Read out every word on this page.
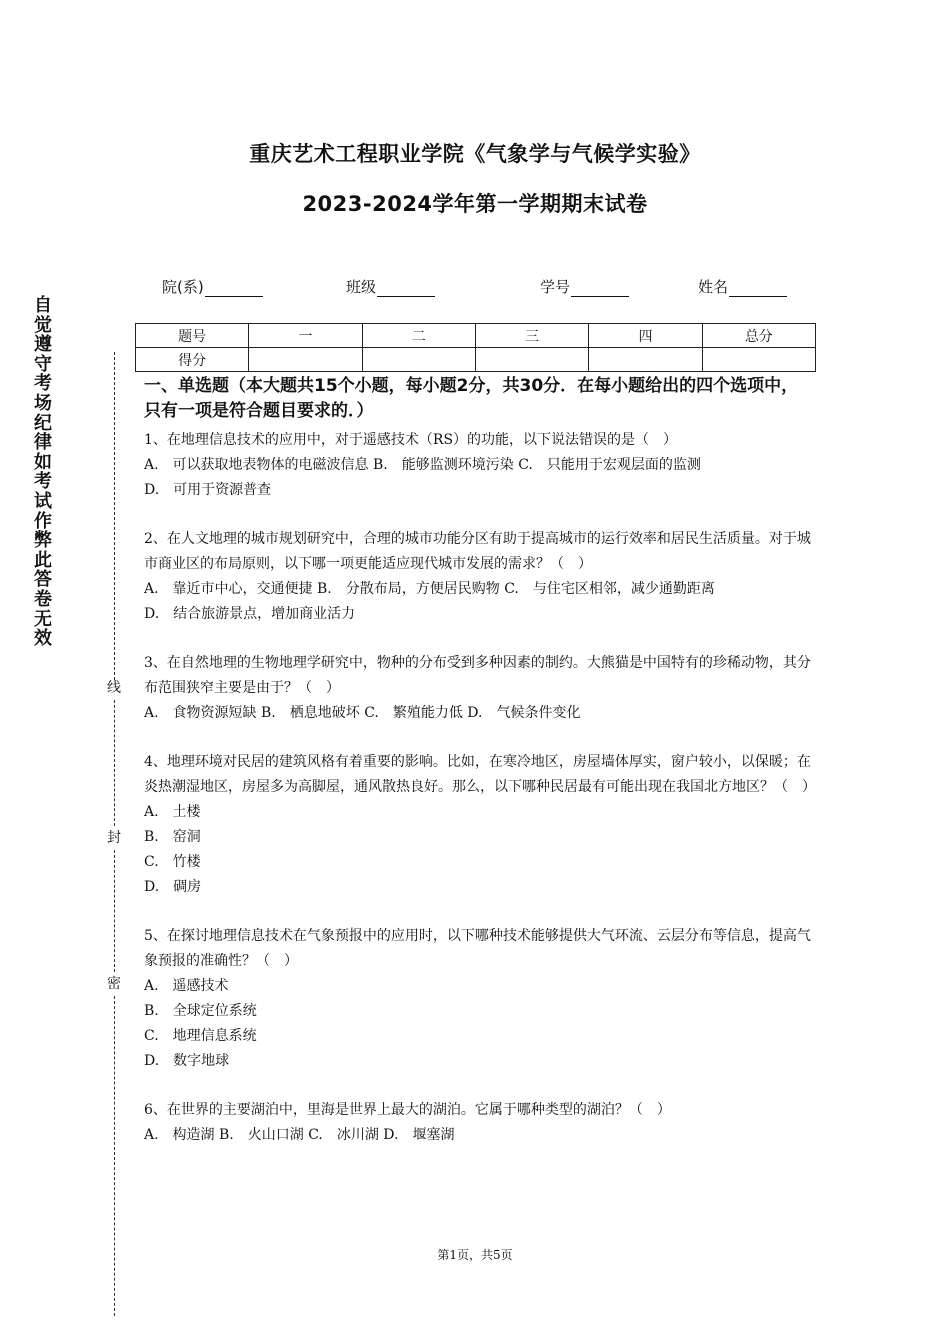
重庆艺术工程职业学院《气象学与气候学实验》
2023-2024学年第一学期期末试卷
院(系)	班级	学号	姓名
题号	一	二	三	四	总分
得分					
自觉遵守考场纪律如考试作弊此答卷无效
线
封
密

一、单选题（本大题共15个小题，每小题2分，共30分．在每小题给出的四个选项中，只有一项是符合题目要求的．）

1、在地理信息技术的应用中，对于遥感技术（RS）的功能，以下说法错误的是（　）

A.　可以获取地表物体的电磁波信息 B.　能够监测环境污染 C.　只能用于宏观层面的监测

D.　可用于资源普查

2、在人文地理的城市规划研究中，合理的城市功能分区有助于提高城市的运行效率和居民生活质量。对于城市商业区的布局原则，以下哪一项更能适应现代城市发展的需求？（　）

A.　靠近市中心，交通便捷 B.　分散布局，方便居民购物 C.　与住宅区相邻，减少通勤距离

D.　结合旅游景点，增加商业活力

3、在自然地理的生物地理学研究中，物种的分布受到多种因素的制约。大熊猫是中国特有的珍稀动物，其分布范围狭窄主要是由于？（　）

A.　食物资源短缺 B.　栖息地破坏 C.　繁殖能力低 D.　气候条件变化

4、地理环境对民居的建筑风格有着重要的影响。比如，在寒冷地区，房屋墙体厚实，窗户较小，以保暖；在炎热潮湿地区，房屋多为高脚屋，通风散热良好。那么，以下哪种民居最有可能出现在我国北方地区？（　）

A.　土楼

B.　窑洞

C.　竹楼

D.　碉房

5、在探讨地理信息技术在气象预报中的应用时，以下哪种技术能够提供大气环流、云层分布等信息，提高气象预报的准确性？（　）

A.　遥感技术

B.　全球定位系统

C.　地理信息系统

D.　数字地球

6、在世界的主要湖泊中，里海是世界上最大的湖泊。它属于哪种类型的湖泊？（　）

A.　构造湖 B.　火山口湖 C.　冰川湖 D.　堰塞湖

第1页，共5页
